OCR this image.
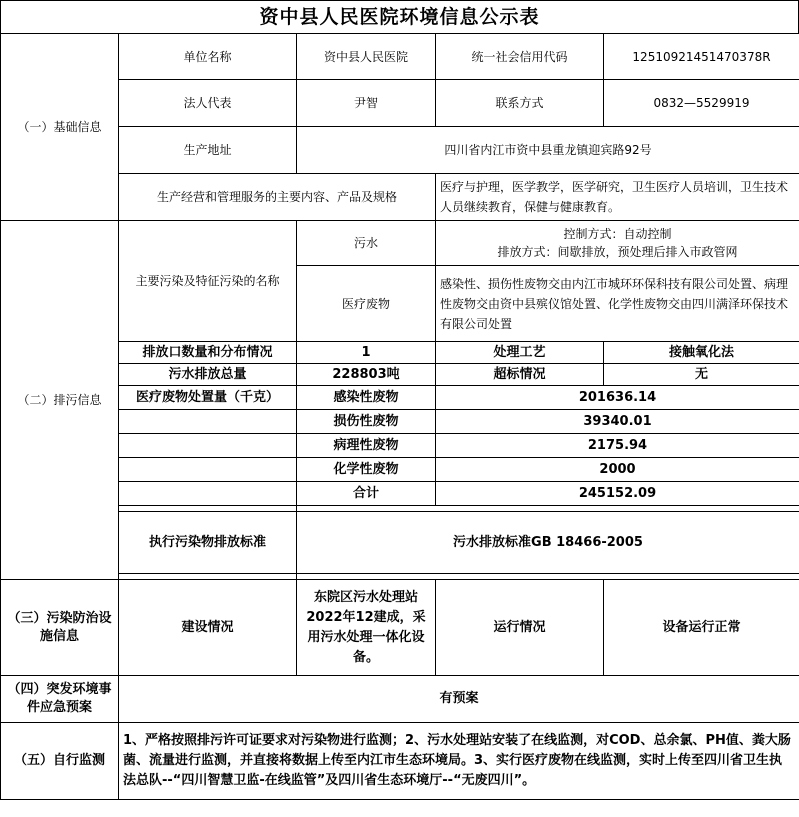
资中县人民医院环境信息公示表
（一）基础信息	单位名称	资中县人民医院	统一社会信用代码	12510921451470378R
	法人代表	尹智	联系方式	0832—5529919
	生产地址	四川省内江市资中县重龙镇迎宾路92号		
	生产经营和管理服务的主要内容、产品及规格		医疗与护理，医学教学，医学研究，卫生医疗人员培训，卫生技术人员继续教育，保健与健康教育。	
（二）排污信息	主要污染及特征污染的名称	污水	控制方式：自动控制
排放方式：间歇排放，预处理后排入市政管网	

		医疗废物	感染性、损伤性废物交由内江市城环环保科技有限公司处置、病理性废物交由资中县殡仪馆处置、化学性废物交由四川满泽环保技术有限公司处置	
	排放口数量和分布情况	1	处理工艺	接触氧化法
	污水排放总量	228803吨	超标情况	无
	医疗废物处置量（千克）	感染性废物	201636.14	
		损伤性废物	39340.01	
		病理性废物	2175.94	
		化学性废物	2000	
		合计	245152.09	

	执行污染物排放标准	污水排放标准GB 18466-2005		

（三）污染防治设施信息	建设情况	东院区污水处理站2022年12建成，采用污水处理一体化设备。	运行情况	设备运行正常
（四）突发环境事件应急预案	有预案			
（五）自行监测	1、严格按照排污许可证要求对污染物进行监测；2、污水处理站安装了在线监测，对COD、总余氯、PH值、粪大肠菌、流量进行监测，并直接将数据上传至内江市生态环境局。3、实行医疗废物在线监测，实时上传至四川省卫生执法总队--“四川智慧卫监-在线监管”及四川省生态环境厅--“无废四川”。			
